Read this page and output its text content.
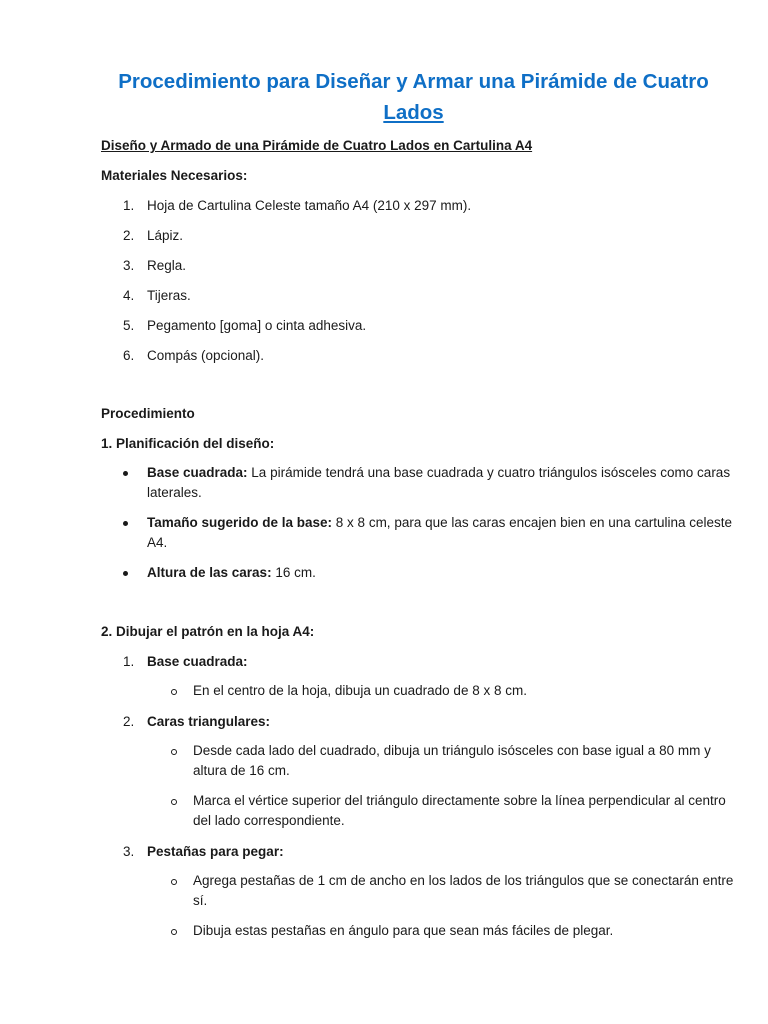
Procedimiento para Diseñar y Armar una Pirámide de Cuatro
Lados
Diseño y Armado de una Pirámide de Cuatro Lados en Cartulina A4
Materiales Necesarios:
1. Hoja de Cartulina Celeste tamaño A4 (210 x 297 mm).
2. Lápiz.
3. Regla.
4. Tijeras.
5. Pegamento [goma] o cinta adhesiva.
6. Compás (opcional).
Procedimiento
1. Planificación del diseño:
Base cuadrada: La pirámide tendrá una base cuadrada y cuatro triángulos isósceles como caras laterales.
Tamaño sugerido de la base: 8 x 8 cm, para que las caras encajen bien en una cartulina celeste A4.
Altura de las caras: 16 cm.
2. Dibujar el patrón en la hoja A4:
1. Base cuadrada:
En el centro de la hoja, dibuja un cuadrado de 8 x 8 cm.
2. Caras triangulares:
Desde cada lado del cuadrado, dibuja un triángulo isósceles con base igual a 80 mm y altura de 16 cm.
Marca el vértice superior del triángulo directamente sobre la línea perpendicular al centro del lado correspondiente.
3. Pestañas para pegar:
Agrega pestañas de 1 cm de ancho en los lados de los triángulos que se conectarán entre sí.
Dibuja estas pestañas en ángulo para que sean más fáciles de plegar.
